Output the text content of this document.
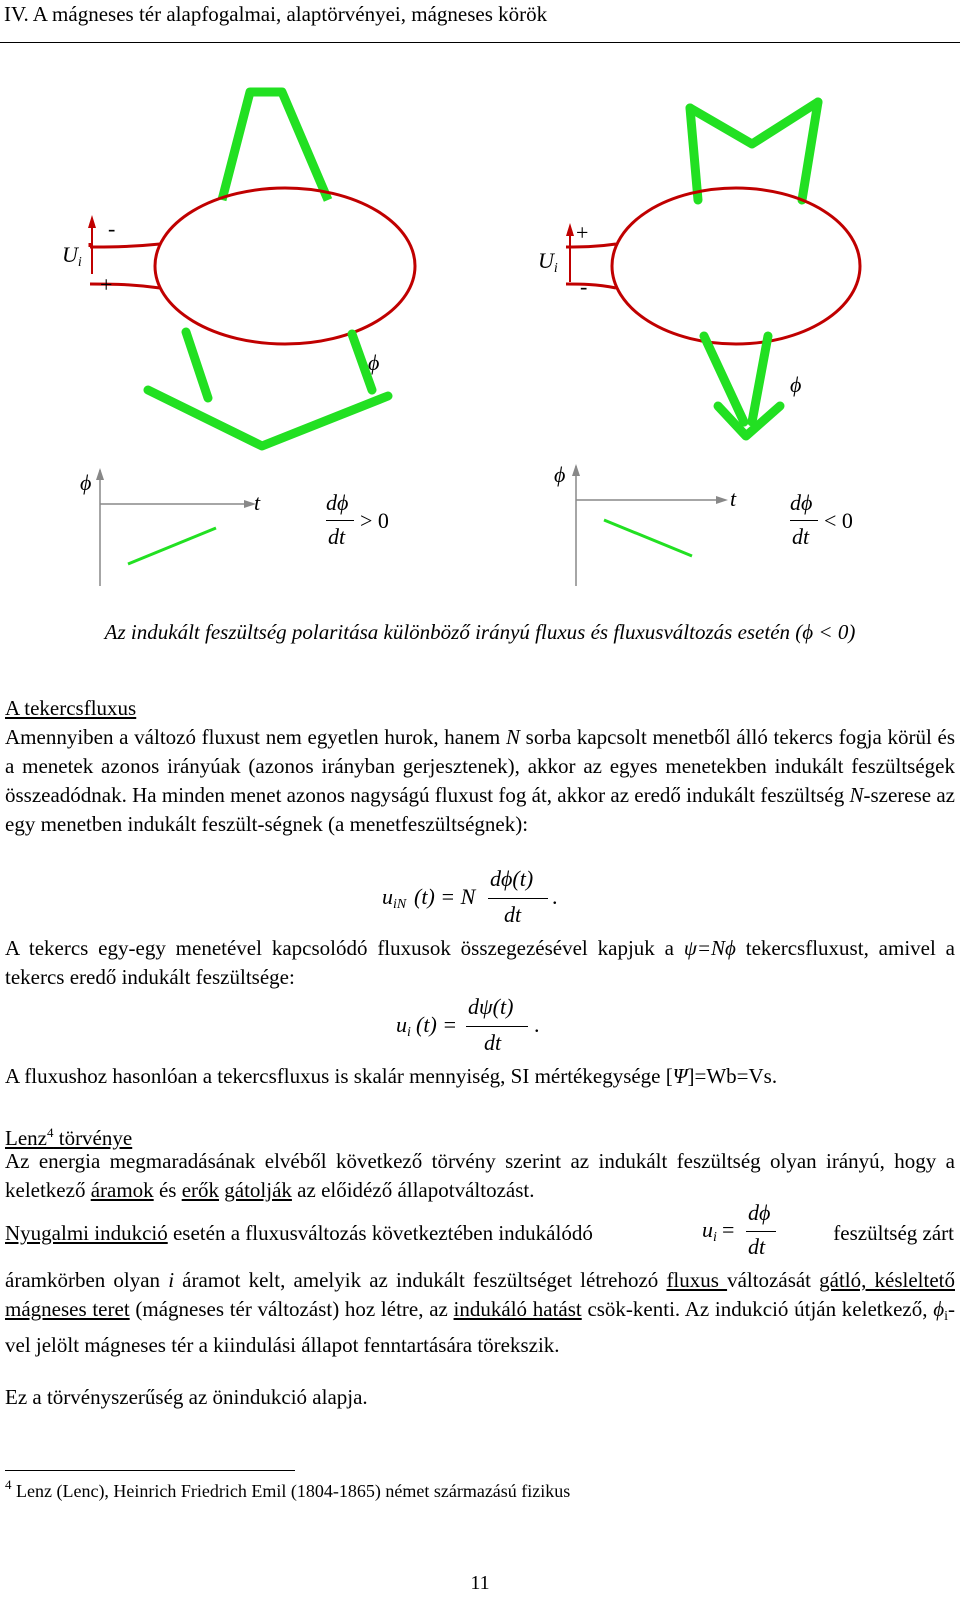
IV. A mágneses tér alapfogalmai, alaptörvényei, mágneses körök
$U_i$
-
+
ϕ
$U_i$
+
-
ϕ
ϕ
t	dϕ
dt
> 0
ϕ
t dϕ
dt
< 0
Az indukált feszültség polaritása különböző irányú fluxus és fluxusváltozás esetén (ϕ < 0)
A tekercsfluxus
Amennyiben a változó fluxust nem egyetlen hurok, hanem N sorba kapcsolt menetből álló tekercs fogja körül és a menetek azonos irányúak (azonos irányban gerjesztenek), akkor az egyes menetekben indukált feszültségek összeadódnak. Ha minden menet azonos nagyságú fluxust fog át, akkor az eredő indukált feszültség N-szerese az egy menetben indukált feszült-ségnek (a menetfeszültségnek):
$u_{iN}$ (t) = N
dϕ(t)
dt
.
A tekercs egy-egy menetével kapcsolódó fluxusok összegezésével kapjuk a ψ=Nϕ tekercsfluxust, amivel a tekercs eredő indukált feszültsége:
$u_i$ (t) =
dψ(t)
dt
.
A fluxushoz hasonlóan a tekercsfluxus is skalár mennyiség, SI mértékegysége [Ψ]=Wb=Vs.
Lenz$^4$ törvénye
Az energia megmaradásának elvéből következő törvény szerint az indukált feszültség olyan irányú, hogy a keletkező áramok és erők gátolják az előidéző állapotváltozást.
Nyugalmi indukció esetén a fluxusváltozás következtében indukálódó	$u_i$ =
dϕ
dt
feszültség zárt
áramkörben olyan i áramot kelt, amelyik az indukált feszültséget létrehozó fluxus változását gátló, késleltető mágneses teret (mágneses tér változást) hoz létre, az indukáló hatást csök-kenti. Az indukció útján keletkező, $\phi_i$-vel jelölt mágneses tér a kiindulási állapot fenntartására törekszik.
Ez a törvényszerűség az önindukció alapja.
$^4$ Lenz (Lenc), Heinrich Friedrich Emil (1804-1865) német származású fizikus
11
